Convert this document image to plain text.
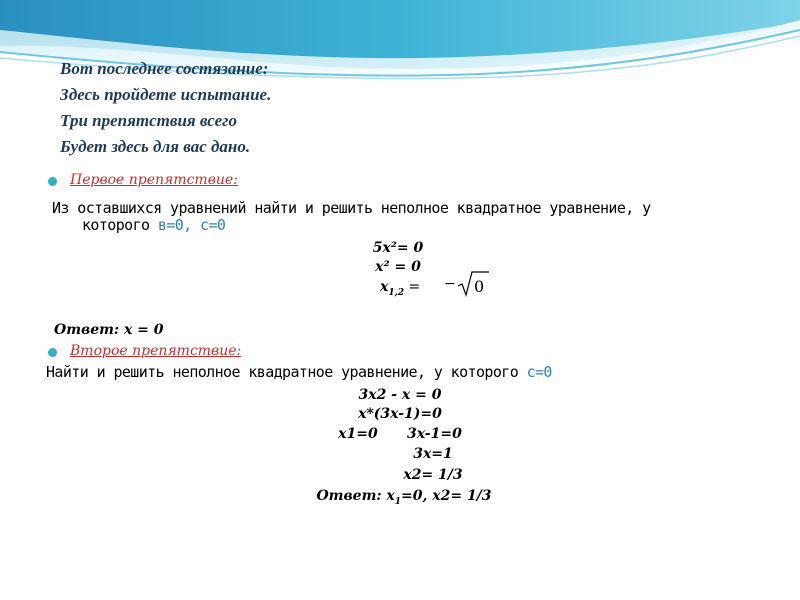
Вот последнее состязание:
Здесь пройдете испытание.
Три препятствия всего
Будет здесь для вас дано.
Первое препятствие:
Из оставшихся уравнений найти и решить неполное квадратное уравнение, у
которого в=0, с=0
5x²= 0
x² = 0
$x_{1,2}$ = − 0
Ответ: x = 0
Второе препятствие:
Найти и решить неполное квадратное уравнение, у которого с=0
3x2 - x = 0
x*(3x-1)=0
x1=0      3x-1=0
3x=1
x2= 1/3
Ответ: $x_1=0$, x2= 1/3
